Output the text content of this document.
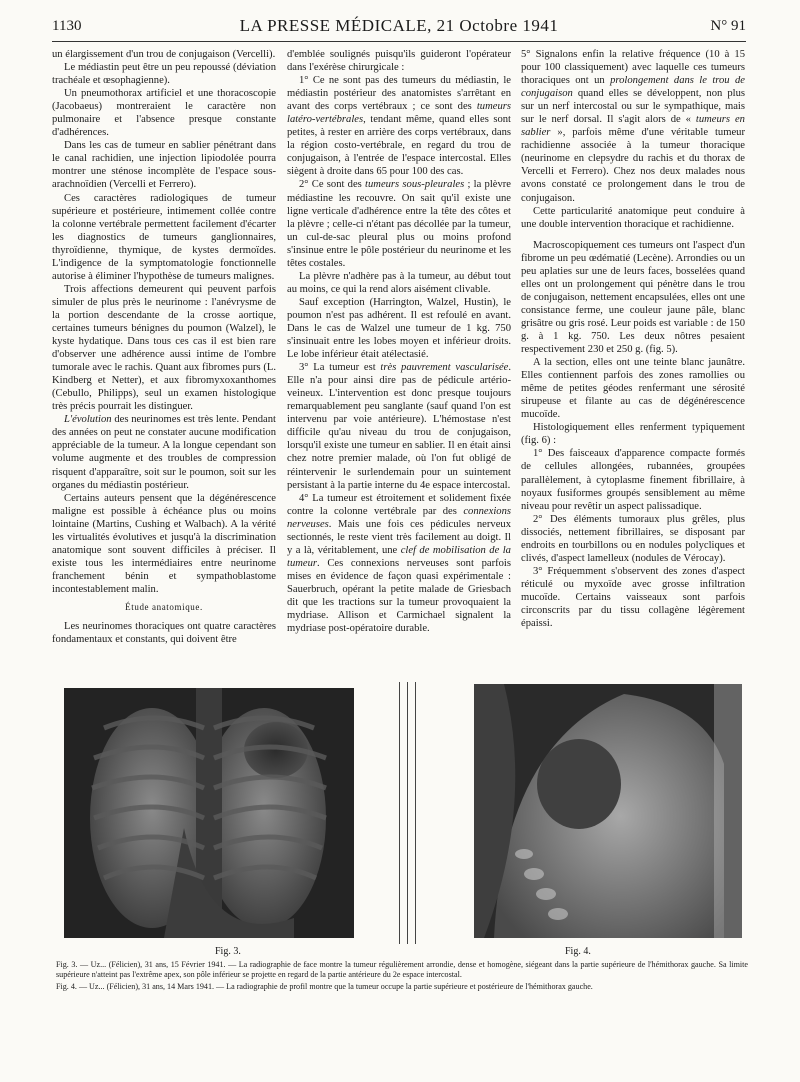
1130	LA PRESSE MÉDICALE, 21 Octobre 1941	N° 91

un élargissement d'un trou de conjugaison (Vercelli).

Le médiastin peut être un peu repoussé (déviation trachéale et œsophagienne).

Un pneumothorax artificiel et une thoracoscopie (Jacobaeus) montreraient le caractère non pulmonaire et l'absence presque constante d'adhérences.

Dans les cas de tumeur en sablier pénétrant dans le canal rachidien, une injection lipiodolée pourra montrer une sténose incomplète de l'espace sous-arachnoïdien (Vercelli et Ferrero).

Ces caractères radiologiques de tumeur supérieure et postérieure, intimement collée contre la colonne vertébrale permettent facilement d'écarter les diagnostics de tumeurs ganglionnaires, thyroïdienne, thymique, de kystes dermoïdes. L'indigence de la symptomatologie fonctionnelle autorise à éliminer l'hypothèse de tumeurs malignes.

Trois affections demeurent qui peuvent parfois simuler de plus près le neurinome : l'anévrysme de la portion descendante de la crosse aortique, certaines tumeurs bénignes du poumon (Walzel), le kyste hydatique. Dans tous ces cas il est bien rare d'observer une adhérence aussi intime de l'ombre tumorale avec le rachis. Quant aux fibromes purs (L. Kindberg et Netter), et aux fibromyxoxanthomes (Cebullo, Philipps), seul un examen histologique très précis pourrait les distinguer.

L'évolution des neurinomes est très lente. Pendant des années on peut ne constater aucune modification appréciable de la tumeur. A la longue cependant son volume augmente et des troubles de compression risquent d'apparaître, soit sur le poumon, soit sur les organes du médiastin postérieur.

Certains auteurs pensent que la dégénérescence maligne est possible à échéance plus ou moins lointaine (Martins, Cushing et Walbach). A la vérité les virtualités évolutives et jusqu'à la discrimination anatomique sont souvent difficiles à préciser. Il existe tous les intermédiaires entre neurinome franchement bénin et sympathoblastome incontestablement malin.

Étude anatomique.

Les neurinomes thoraciques ont quatre caractères fondamentaux et constants, qui doivent être

d'emblée soulignés puisqu'ils guideront l'opérateur dans l'exérèse chirurgicale :

1° Ce ne sont pas des tumeurs du médiastin, le médiastin postérieur des anatomistes s'arrêtant en avant des corps vertébraux ; ce sont des tumeurs latéro-vertébrales, tendant même, quand elles sont petites, à rester en arrière des corps vertébraux, dans la région costo-vertébrale, en regard du trou de conjugaison, à l'entrée de l'espace intercostal. Elles siègent à droite dans 65 pour 100 des cas.

2° Ce sont des tumeurs sous-pleurales ; la plèvre médiastine les recouvre. On sait qu'il existe une ligne verticale d'adhérence entre la tête des côtes et la plèvre ; celle-ci n'étant pas décollée par la tumeur, un cul-de-sac pleural plus ou moins profond s'insinue entre le pôle postérieur du neurinome et les têtes costales.

La plèvre n'adhère pas à la tumeur, au début tout au moins, ce qui la rend alors aisément clivable.

Sauf exception (Harrington, Walzel, Hustin), le poumon n'est pas adhérent. Il est refoulé en avant. Dans le cas de Walzel une tumeur de 1 kg. 750 s'insinuait entre les lobes moyen et inférieur droits. Le lobe inférieur était atélectasié.

3° La tumeur est très pauvrement vascularisée. Elle n'a pour ainsi dire pas de pédicule artério-veineux. L'intervention est donc presque toujours remarquablement peu sanglante (sauf quand l'on est intervenu par voie antérieure). L'hémostase n'est difficile qu'au niveau du trou de conjugaison, lorsqu'il existe une tumeur en sablier. Il en était ainsi chez notre premier malade, où l'on fut obligé de réintervenir le surlendemain pour un suintement persistant à la partie interne du 4e espace intercostal.

4° La tumeur est étroitement et solidement fixée contre la colonne vertébrale par des connexions nerveuses. Mais une fois ces pédicules nerveux sectionnés, le reste vient très facilement au doigt. Il y a là, véritablement, une clef de mobilisation de la tumeur. Ces connexions nerveuses sont parfois mises en évidence de façon quasi expérimentale : Sauerbruch, opérant la petite malade de Griesbach dit que les tractions sur la tumeur provoquaient la mydriase. Allison et Carmichael signalent la mydriase post-opératoire durable.

5° Signalons enfin la relative fréquence (10 à 15 pour 100 classiquement) avec laquelle ces tumeurs thoraciques ont un prolongement dans le trou de conjugaison quand elles se développent, non plus sur un nerf intercostal ou sur le sympathique, mais sur le nerf dorsal. Il s'agit alors de « tumeurs en sablier », parfois même d'une véritable tumeur rachidienne associée à la tumeur thoracique (neurinome en clepsydre du rachis et du thorax de Vercelli et Ferrero). Chez nos deux malades nous avons constaté ce prolongement dans le trou de conjugaison.

Cette particularité anatomique peut conduire à une double intervention thoracique et rachidienne.

Macroscopiquement ces tumeurs ont l'aspect d'un fibrome un peu œdématié (Lecène). Arrondies ou un peu aplaties sur une de leurs faces, bosselées quand elles ont un prolongement qui pénètre dans le trou de conjugaison, nettement encapsulées, elles ont une consistance ferme, une couleur jaune pâle, blanc grisâtre ou gris rosé. Leur poids est variable : de 150 g. à 1 kg. 750. Les deux nôtres pesaient respectivement 230 et 250 g. (fig. 5).

A la section, elles ont une teinte blanc jaunâtre. Elles contiennent parfois des zones ramollies ou même de petites géodes renfermant une sérosité sirupeuse et filante au cas de dégénérescence mucoïde.

Histologiquement elles renferment typiquement (fig. 6) :

1° Des faisceaux d'apparence compacte formés de cellules allongées, rubannées, groupées parallèlement, à cytoplasme finement fibrillaire, à noyaux fusiformes groupés sensiblement au même niveau pour revêtir un aspect palissadique.

2° Des éléments tumoraux plus grêles, plus dissociés, nettement fibrillaires, se disposant par endroits en tourbillons ou en nodules polycliques et clivés, d'aspect lamelleux (nodules de Vérocay).

3° Fréquemment s'observent des zones d'aspect réticulé ou myxoïde avec grosse infiltration mucoïde. Certains vaisseaux sont parfois circonscrits par du tissu collagène légèrement épaissi.

Fig. 3.	Fig. 4.

Fig. 3. — Uz... (Félicien), 31 ans, 15 Février 1941. — La radiographie de face montre la tumeur régulièrement arrondie, dense et homogène, siégeant dans la partie supérieure de l'hémithorax gauche. Sa limite supérieure n'atteint pas l'extrême apex, son pôle inférieur se projette en regard de la partie antérieure du 2e espace intercostal.

Fig. 4. — Uz... (Félicien), 31 ans, 14 Mars 1941. — La radiographie de profil montre que la tumeur occupe la partie supérieure et postérieure de l'hémithorax gauche.
